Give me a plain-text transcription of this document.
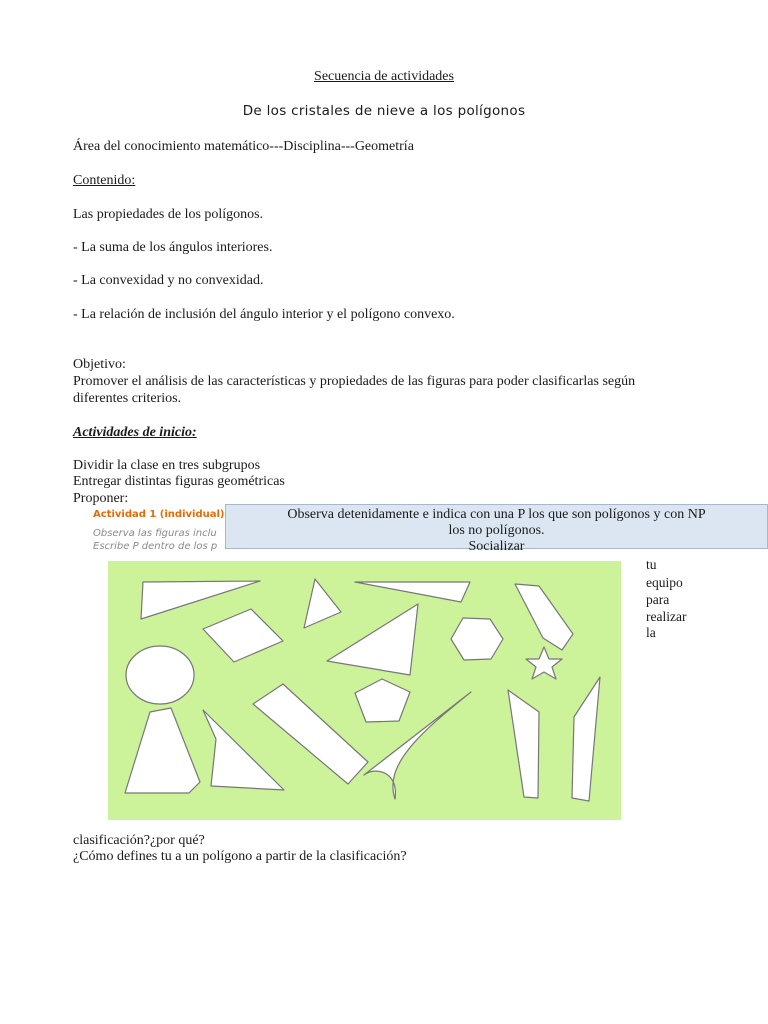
Secuencia de actividades
De los cristales de nieve a los polígonos
Área del conocimiento matemático---Disciplina---Geometría
Contenido:
Las propiedades de los polígonos.
- La suma de los ángulos interiores.
- La convexidad y no convexidad.
- La relación de inclusión del ángulo interior y el polígono convexo.
Objetivo:
Promover el análisis de las características y propiedades de las figuras para poder clasificarlas según
diferentes criterios.
Actividades de inicio:
Dividir la clase en tres subgrupos
Entregar distintas figuras geométricas
Proponer:
Actividad 1 (individual)
Observa las figuras inclu
Escribe P dentro de los p
Observa detenidamente e indica con una P los que son polígonos y con NP
los no polígonos.
Socializar
tu
equipo
para
realizar
la
clasificación?¿por qué?
¿Cómo defines tu a un polígono a partir de la clasificación?
